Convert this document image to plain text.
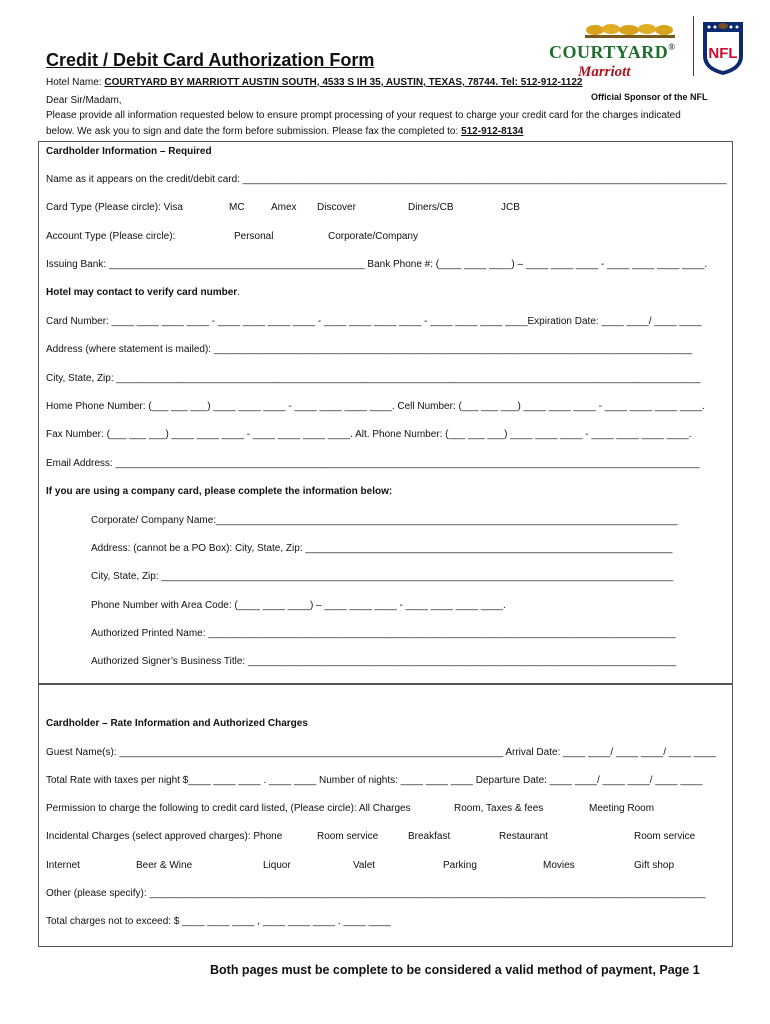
Credit / Debit Card Authorization Form
Hotel Name: COURTYARD BY MARRIOTT AUSTIN SOUTH, 4533 S IH 35, AUSTIN, TEXAS, 78744. Tel: 512-912-1122
Dear Sir/Madam,
Please provide all information requested below to ensure prompt processing of your request to charge your credit card for the charges indicated
below. We ask you to sign and date the form before submission. Please fax the completed to: 512-912-8134
COURTYARD®
Marriott
NFL
Official Sponsor of the NFL
Cardholder Information – Required
Name as it appears on the credit/debit card: _______________________________________________________________________________________
Card Type (Please circle): Visa	MC	Amex Discover	Diners/CB	JCB
Account Type (Please circle):	Personal	Corporate/Company
Issuing Bank: ______________________________________________ Bank Phone #: (____ ____ ____) – ____ ____ ____ - ____ ____ ____ ____.
Hotel may contact to verify card number.
Card Number: ____ ____ ____ ____ - ____ ____ ____ ____ - ____ ____ ____ ____ - ____ ____ ____ ____Expiration Date: ____ ____/ ____ ____
Address (where statement is mailed): ______________________________________________________________________________________
City, State, Zip: _________________________________________________________________________________________________________
Home Phone Number: (___ ___ ___) ____ ____ ____ - ____ ____ ____ ____. Cell Number: (___ ___ ___) ____ ____ ____ - ____ ____ ____ ____.
Fax Number: (___ ___ ___) ____ ____ ____ - ____ ____ ____ ____. Alt. Phone Number: (___ ___ ___) ____ ____ ____ - ____ ____ ____ ____.
Email Address: _________________________________________________________________________________________________________
If you are using a company card, please complete the information below:
Corporate/ Company Name:___________________________________________________________________________________
Address: (cannot be a PO Box): City, State, Zip: __________________________________________________________________
City, State, Zip: ____________________________________________________________________________________________
Phone Number with Area Code: (____ ____ ____) – ____ ____ ____ - ____ ____ ____ ____.
Authorized Printed Name: ____________________________________________________________________________________
Authorized Signer’s Business Title: _____________________________________________________________________________
Cardholder – Rate Information and Authorized Charges
Guest Name(s): _____________________________________________________________________ Arrival Date: ____ ____/ ____ ____/ ____ ____
Total Rate with taxes per night $____ ____ ____ . ____ ____ Number of nights: ____ ____ ____ Departure Date: ____ ____/ ____ ____/ ____ ____
Permission to charge the following to credit card listed, (Please circle): All Charges	Room, Taxes & fees	Meeting Room
Incidental Charges (select approved charges): Phone	Room service	Breakfast	Restaurant	Room service
Internet	Beer & Wine	Liquor	Valet	Parking	Movies	Gift shop
Other (please specify): ____________________________________________________________________________________________________
Total charges not to exceed: $ ____ ____ ____ , ____ ____ ____ . ____ ____
Both pages must be complete to be considered a valid method of payment, Page 1
